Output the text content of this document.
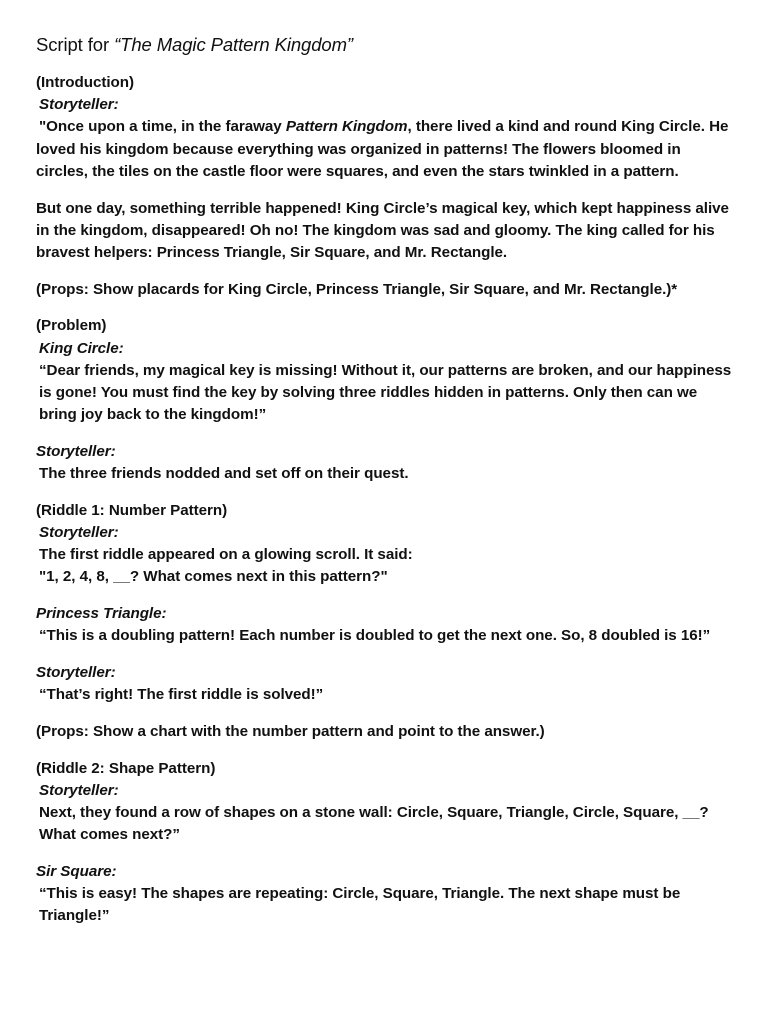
Script for “The Magic Pattern Kingdom”

(Introduction)
Storyteller:
"Once upon a time, in the faraway Pattern Kingdom, there lived a kind and round King Circle. He loved his kingdom because everything was organized in patterns! The flowers bloomed in circles, the tiles on the castle floor were squares, and even the stars twinkled in a pattern.

But one day, something terrible happened! King Circle’s magical key, which kept happiness alive in the kingdom, disappeared! Oh no! The kingdom was sad and gloomy. The king called for his bravest helpers: Princess Triangle, Sir Square, and Mr. Rectangle.

(Props: Show placards for King Circle, Princess Triangle, Sir Square, and Mr. Rectangle.)*

(Problem)
King Circle:
“Dear friends, my magical key is missing! Without it, our patterns are broken, and our happiness is gone! You must find the key by solving three riddles hidden in patterns. Only then can we bring joy back to the kingdom!”

Storyteller:
The three friends nodded and set off on their quest.

(Riddle 1: Number Pattern)
Storyteller:
The first riddle appeared on a glowing scroll. It said:
"1, 2, 4, 8, __? What comes next in this pattern?"

Princess Triangle:
“This is a doubling pattern! Each number is doubled to get the next one. So, 8 doubled is 16!”

Storyteller:
“That’s right! The first riddle is solved!”

(Props: Show a chart with the number pattern and point to the answer.)

(Riddle 2: Shape Pattern)
Storyteller:
Next, they found a row of shapes on a stone wall: Circle, Square, Triangle, Circle, Square, __? What comes next?”

Sir Square:
“This is easy! The shapes are repeating: Circle, Square, Triangle. The next shape must be Triangle!”
